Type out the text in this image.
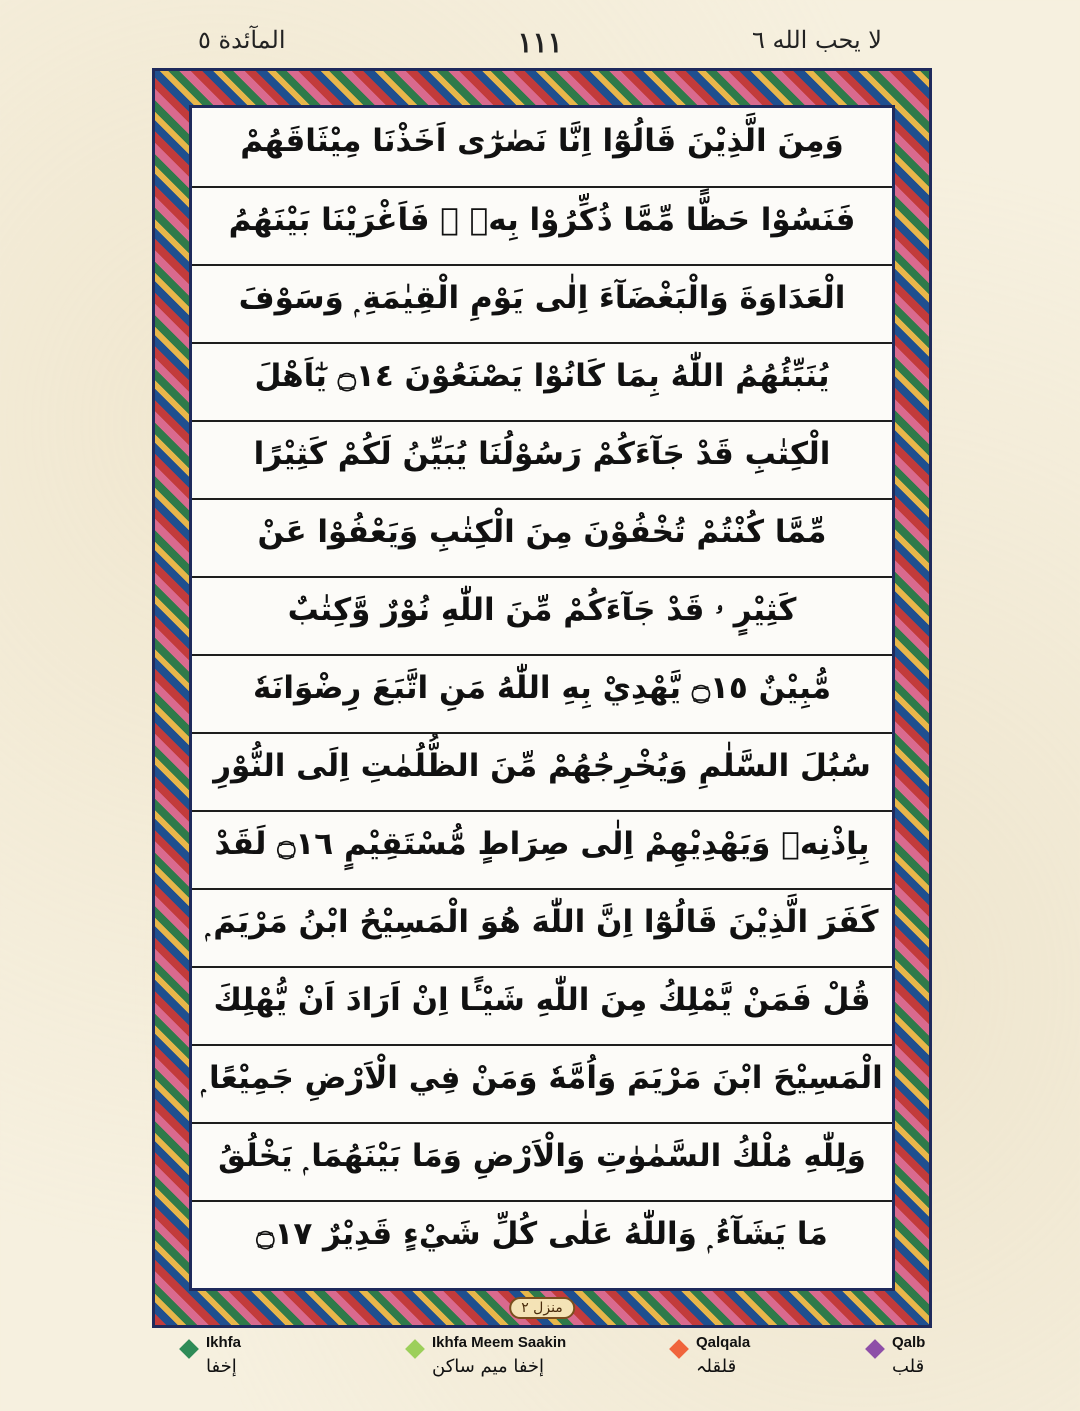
المآئدة ٥	١١١	لا يحب الله ٦
وَمِنَ الَّذِيْنَ قَالُوْٓا اِنَّا نَصٰرٰٓى اَخَذْنَا مِيْثَاقَهُمْ
فَنَسُوْا حَظًّا مِّمَّا ذُكِّرُوْا بِهٖ ۚ فَاَغْرَيْنَا بَيْنَهُمُ
الْعَدَاوَةَ وَالْبَغْضَآءَ اِلٰى يَوْمِ الْقِيٰمَةِ ۭ وَسَوْفَ
يُنَبِّئُهُمُ اللّٰهُ بِمَا كَانُوْا يَصْنَعُوْنَ ۝١٤ يٰٓاَهْلَ
الْكِتٰبِ قَدْ جَآءَكُمْ رَسُوْلُنَا يُبَيِّنُ لَكُمْ كَثِيْرًا
مِّمَّا كُنْتُمْ تُخْفُوْنَ مِنَ الْكِتٰبِ وَيَعْفُوْا عَنْ
كَثِيْرٍ ۥ قَدْ جَآءَكُمْ مِّنَ اللّٰهِ نُوْرٌ وَّكِتٰبٌ
مُّبِيْنٌ ۝١٥ يَّهْدِيْ بِهِ اللّٰهُ مَنِ اتَّبَعَ رِضْوَانَهٗ
سُبُلَ السَّلٰمِ وَيُخْرِجُهُمْ مِّنَ الظُّلُمٰتِ اِلَى النُّوْرِ
بِاِذْنِهٖ وَيَهْدِيْهِمْ اِلٰى صِرَاطٍ مُّسْتَقِيْمٍ ۝١٦ لَقَدْ
كَفَرَ الَّذِيْنَ قَالُوْٓا اِنَّ اللّٰهَ هُوَ الْمَسِيْحُ ابْنُ مَرْيَمَ ۭ
قُلْ فَمَنْ يَّمْلِكُ مِنَ اللّٰهِ شَيْـًٔا اِنْ اَرَادَ اَنْ يُّهْلِكَ
الْمَسِيْحَ ابْنَ مَرْيَمَ وَاُمَّهٗ وَمَنْ فِي الْاَرْضِ جَمِيْعًا ۭ
وَلِلّٰهِ مُلْكُ السَّمٰوٰتِ وَالْاَرْضِ وَمَا بَيْنَهُمَا ۭ يَخْلُقُ
مَا يَشَآءُ ۭ وَاللّٰهُ عَلٰى كُلِّ شَيْءٍ قَدِيْرٌ ۝١٧
منزل ٢
Ikhfa
إخفا
Ikhfa Meem Saakin
إخفا ميم ساكن
Qalqala
قلقلہ
Qalb
قلب
